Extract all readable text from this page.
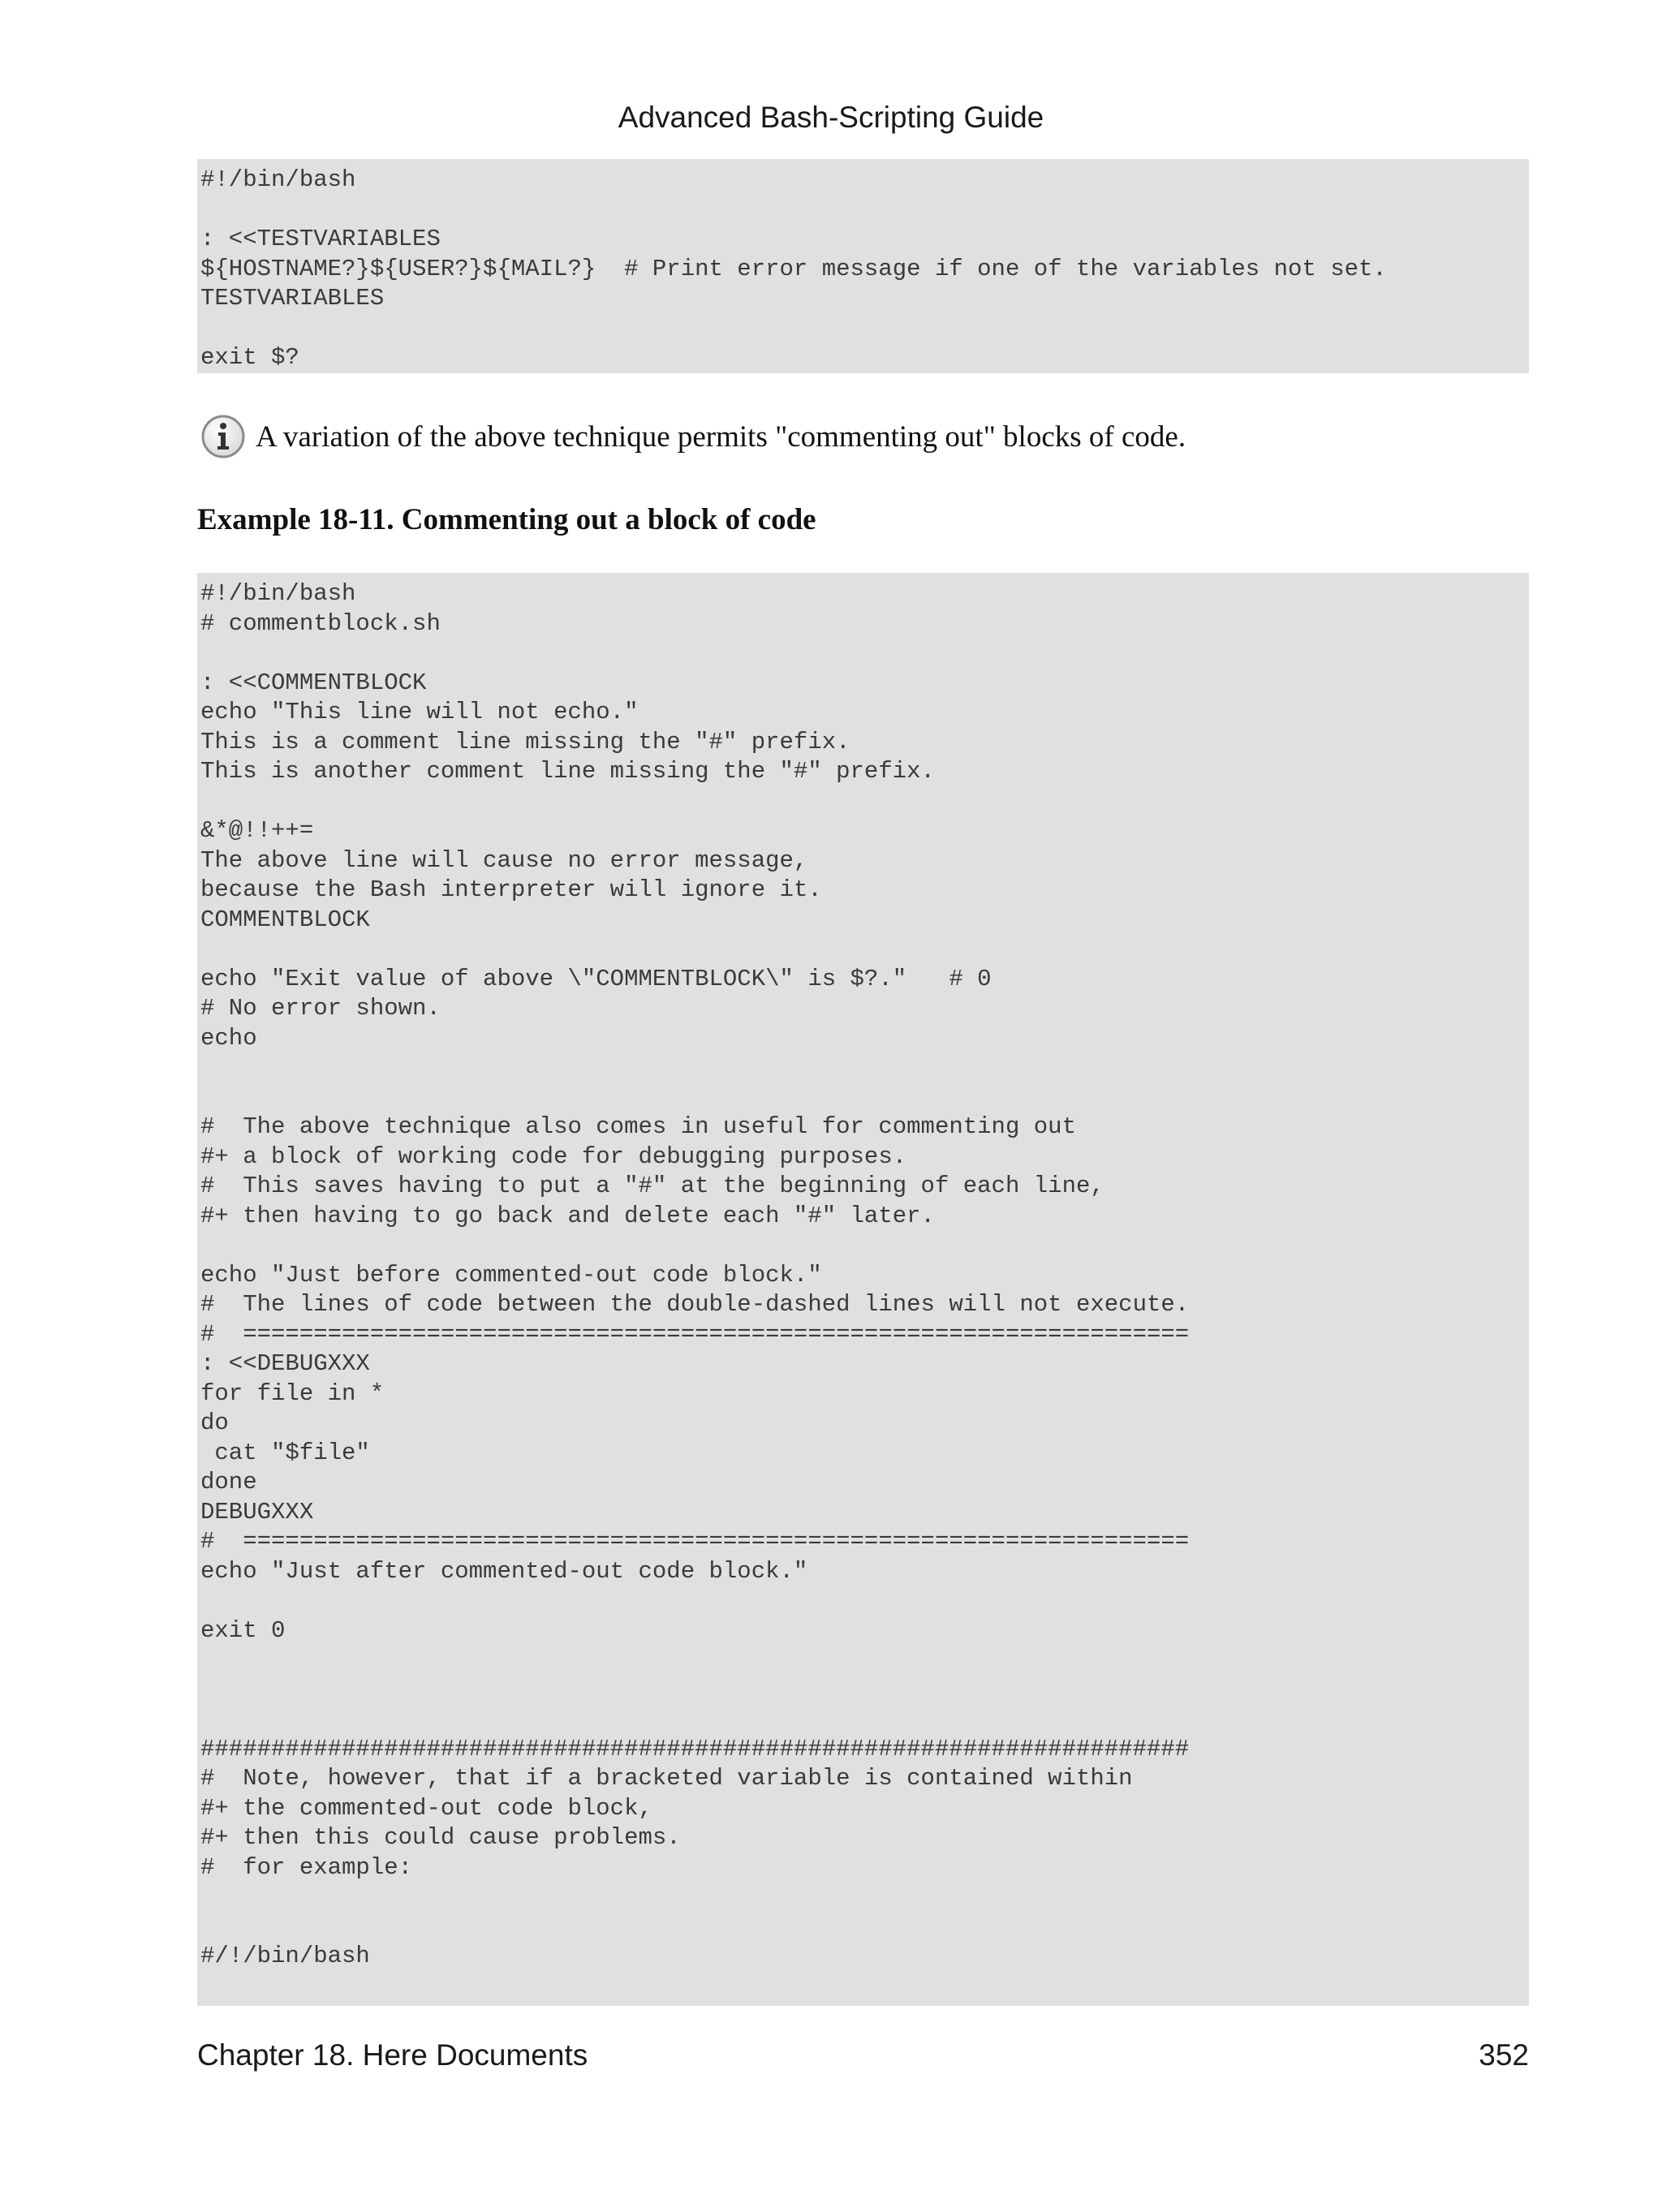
Advanced Bash-Scripting Guide
#!/bin/bash
: <<TESTVARIABLES
${HOSTNAME?}${USER?}${MAIL?}  # Print error message if one of the variables not set.
TESTVARIABLES
exit $?
A variation of the above technique permits "commenting out" blocks of code.
Example 18-11. Commenting out a block of code
#!/bin/bash
# commentblock.sh
: <<COMMENTBLOCK
echo "This line will not echo."
This is a comment line missing the "#" prefix.
This is another comment line missing the "#" prefix.
&*@!!++=
The above line will cause no error message,
because the Bash interpreter will ignore it.
COMMENTBLOCK
echo "Exit value of above \"COMMENTBLOCK\" is $?."   # 0
# No error shown.
echo
#  The above technique also comes in useful for commenting out
#+ a block of working code for debugging purposes.
#  This saves having to put a "#" at the beginning of each line,
#+ then having to go back and delete each "#" later.
echo "Just before commented-out code block."
#  The lines of code between the double-dashed lines will not execute.
#  ===================================================================
: <<DEBUGXXX
for file in *
do
cat "$file"
done
DEBUGXXX
#  ===================================================================
echo "Just after commented-out code block."
exit 0
######################################################################
#  Note, however, that if a bracketed variable is contained within
#+ the commented-out code block,
#+ then this could cause problems.
#  for example:
#/!/bin/bash
Chapter 18. Here Documents	352
